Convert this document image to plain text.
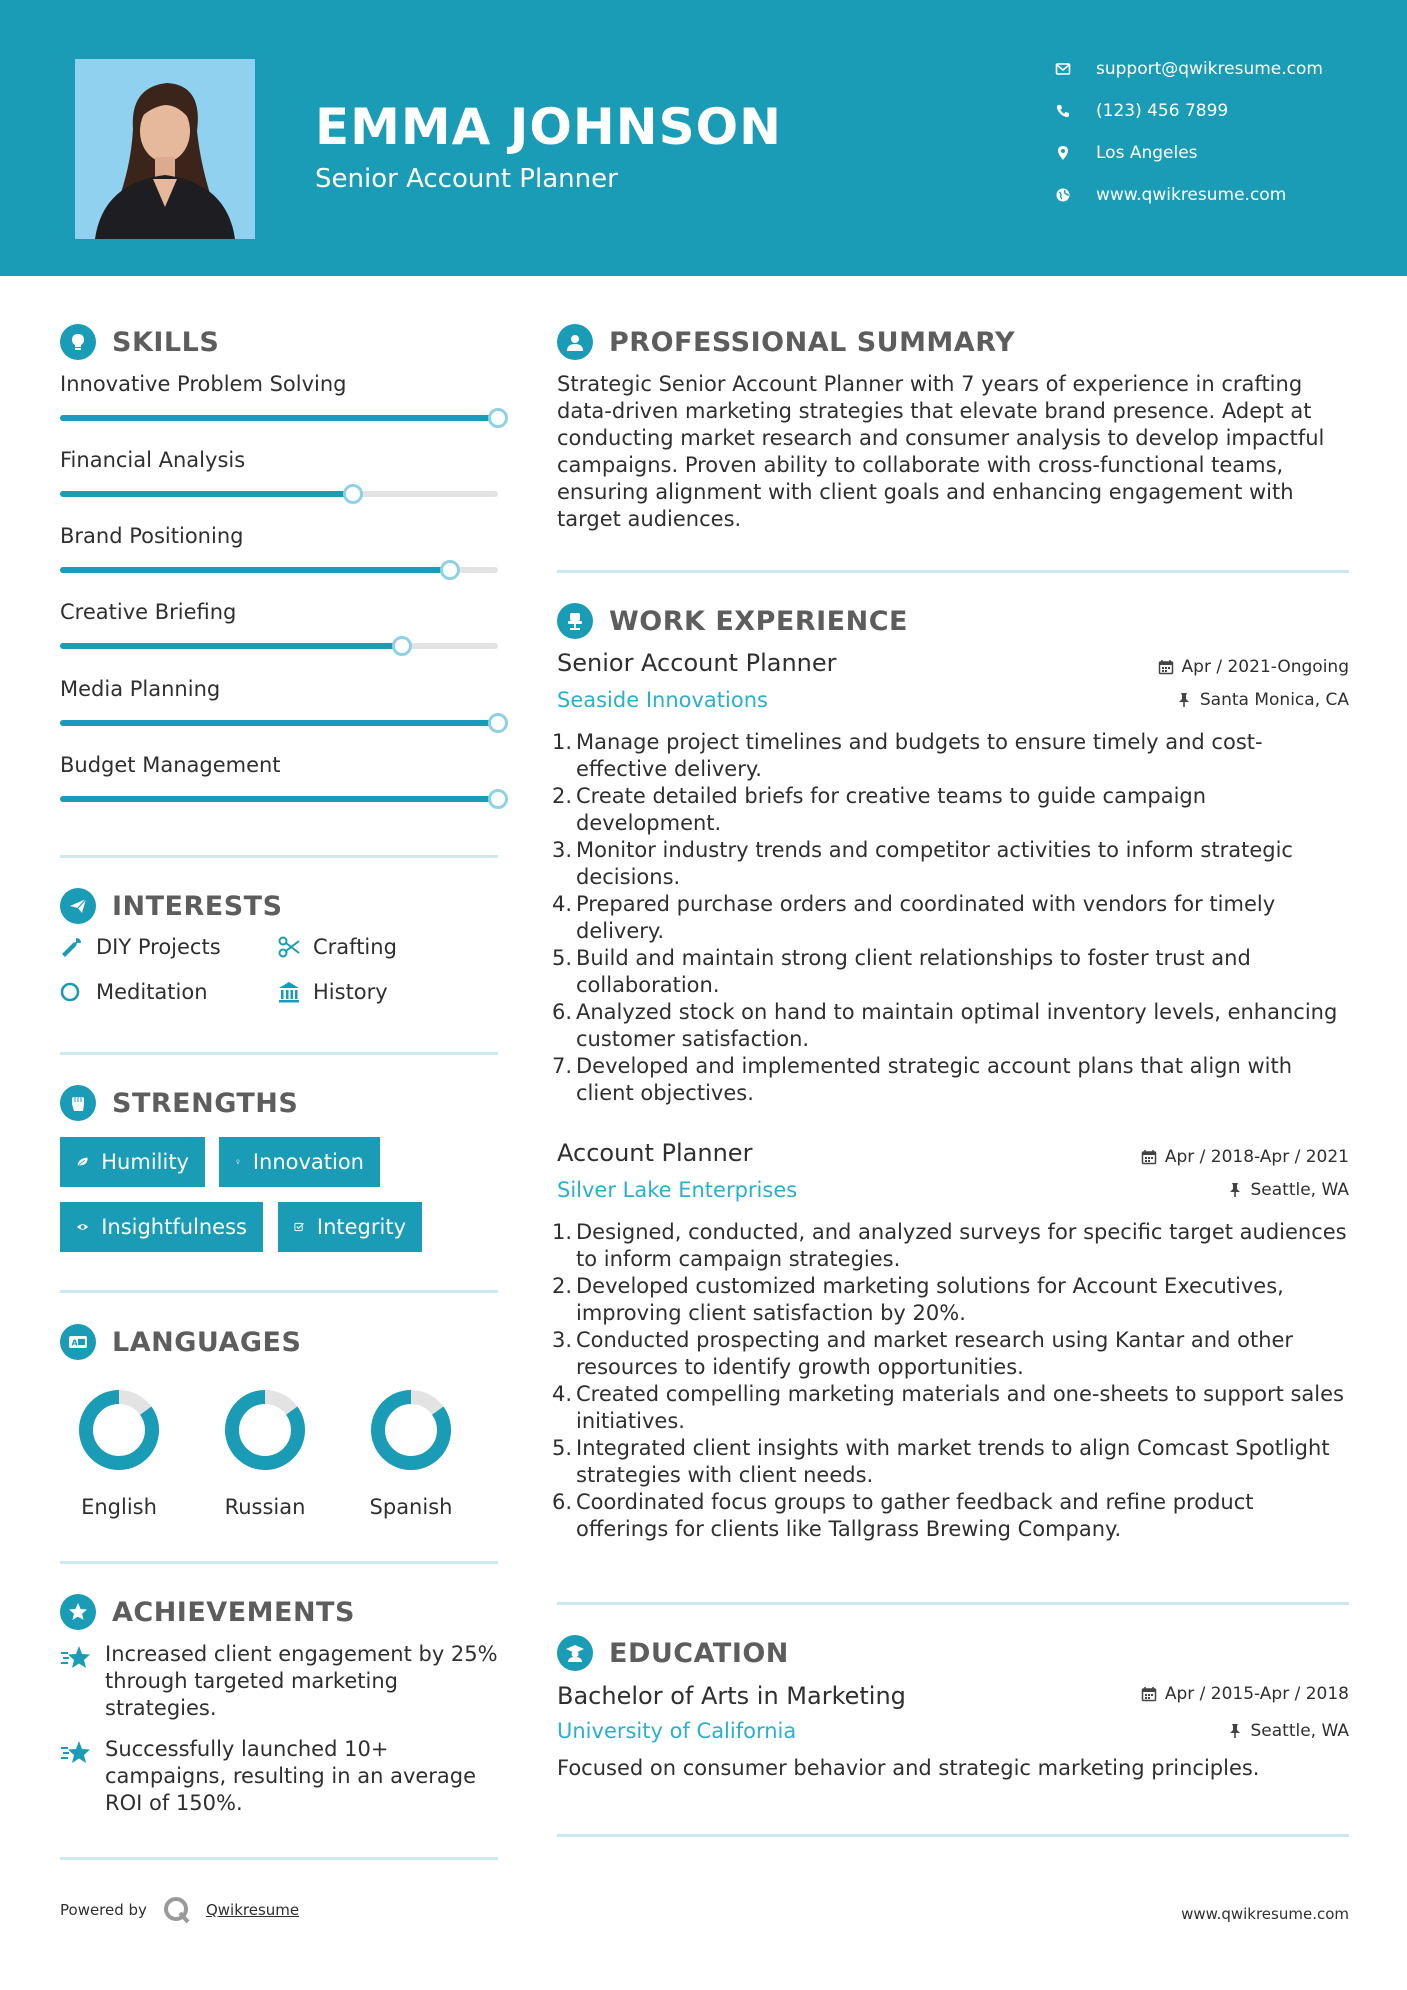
EMMA JOHNSON
Senior Account Planner
support@qwikresume.com
(123) 456 7899
Los Angeles
www.qwikresume.com
SKILLS
Innovative Problem Solving
Financial Analysis
Brand Positioning
Creative Briefing
Media Planning
Budget Management
INTERESTS
DIY Projects	Crafting
Meditation	History
STRENGTHS
Humility	Innovation
Insightfulness	Integrity
A LANGUAGES
English	Russian	Spanish
ACHIEVEMENTS
Increased client engagement by 25% through targeted marketing strategies.
Successfully launched 10+ campaigns, resulting in an average ROI of 150%.
PROFESSIONAL SUMMARY
Strategic Senior Account Planner with 7 years of experience in crafting data-driven marketing strategies that elevate brand presence. Adept at conducting market research and consumer analysis to develop impactful campaigns. Proven ability to collaborate with cross-functional teams, ensuring alignment with client goals and enhancing engagement with target audiences.
WORK EXPERIENCE
Senior Account Planner	Apr / 2021-Ongoing
Seaside Innovations	Santa Monica, CA
1. Manage project timelines and budgets to ensure timely and cost-effective delivery.
2. Create detailed briefs for creative teams to guide campaign development.
3. Monitor industry trends and competitor activities to inform strategic decisions.
4. Prepared purchase orders and coordinated with vendors for timely delivery.
5. Build and maintain strong client relationships to foster trust and collaboration.
6. Analyzed stock on hand to maintain optimal inventory levels, enhancing customer satisfaction.
7. Developed and implemented strategic account plans that align with client objectives.
Account Planner	Apr / 2018-Apr / 2021
Silver Lake Enterprises	Seattle, WA
1. Designed, conducted, and analyzed surveys for specific target audiences to inform campaign strategies.
2. Developed customized marketing solutions for Account Executives, improving client satisfaction by 20%.
3. Conducted prospecting and market research using Kantar and other resources to identify growth opportunities.
4. Created compelling marketing materials and one-sheets to support sales initiatives.
5. Integrated client insights with market trends to align Comcast Spotlight strategies with client needs.
6. Coordinated focus groups to gather feedback and refine product offerings for clients like Tallgrass Brewing Company.
EDUCATION
Bachelor of Arts in Marketing	Apr / 2015-Apr / 2018
University of California	Seattle, WA
Focused on consumer behavior and strategic marketing principles.
Powered by	Qwikresume	www.qwikresume.com
